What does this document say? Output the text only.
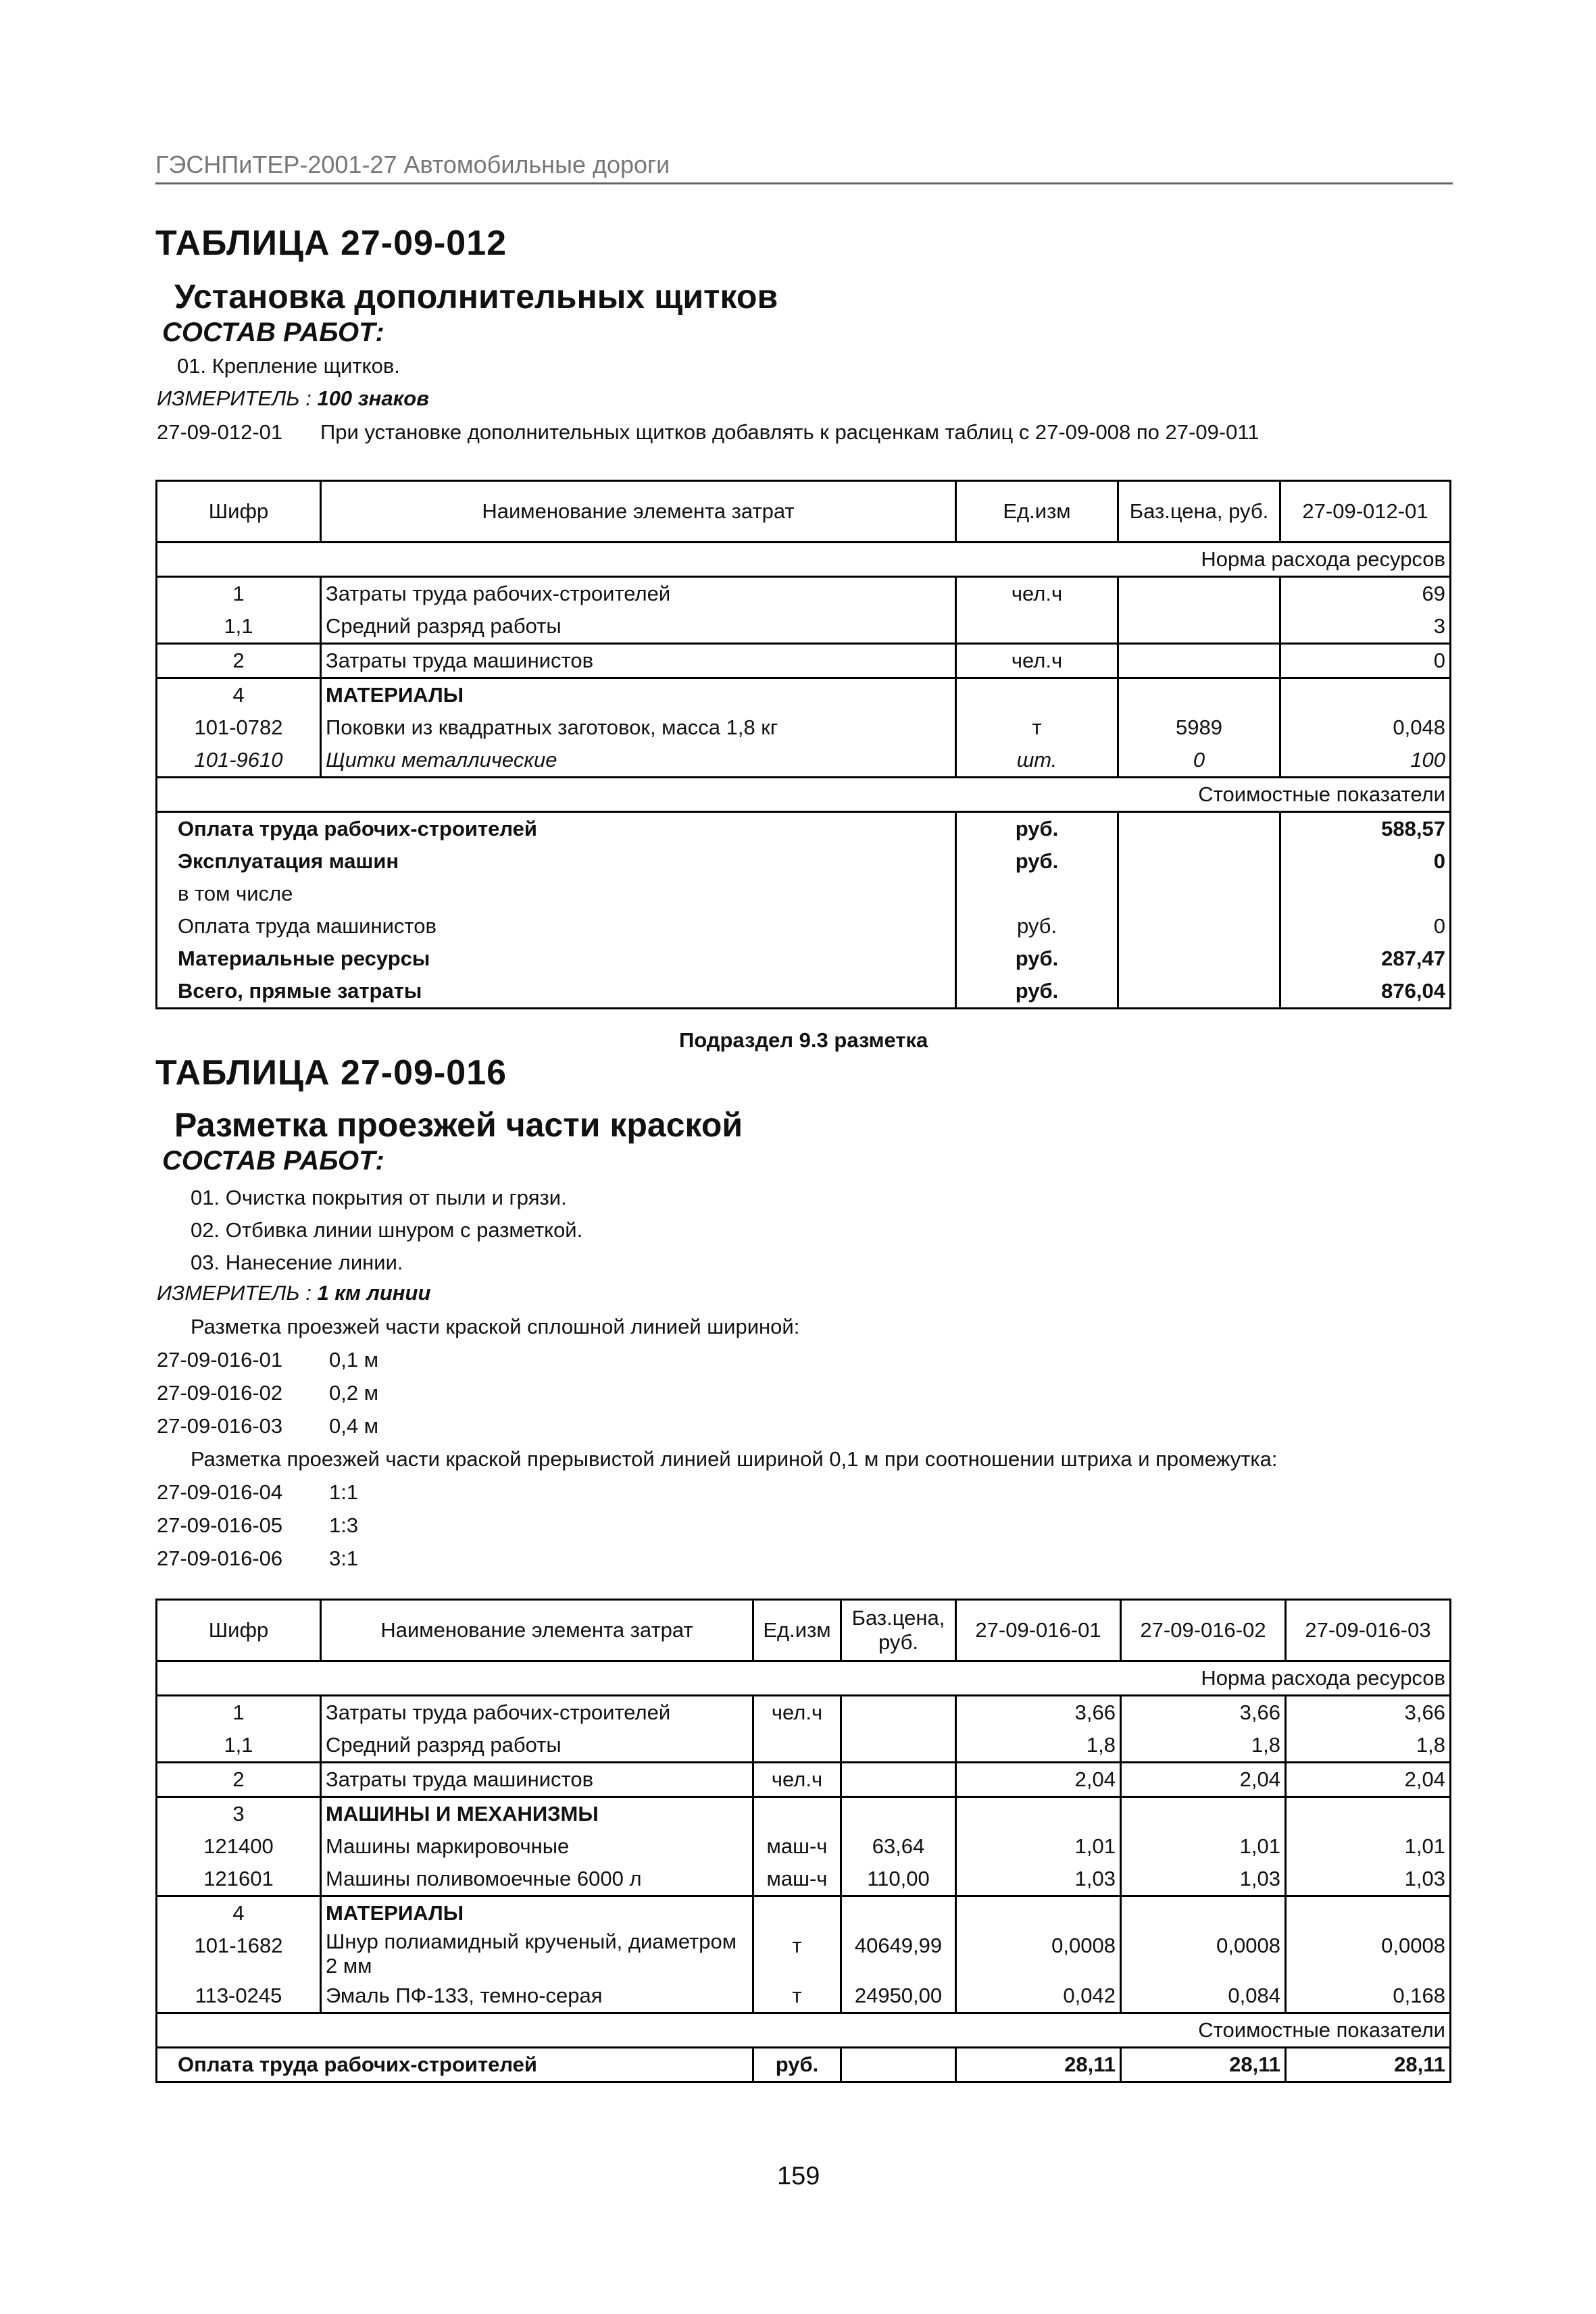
ГЭСНПиТЕР-2001-27 Автомобильные дороги
ТАБЛИЦА 27-09-012
Установка дополнительных щитков
СОСТАВ РАБОТ:
01. Крепление щитков.
ИЗМЕРИТЕЛЬ : 100 знаков
27-09-012-01 При установке дополнительных щитков добавлять к расценкам таблиц с 27-09-008 по 27-09-011
Шифр	Наименование элемента затрат	Ед.изм	Баз.цена, руб.	27-09-012-01
Норма расхода ресурсов				
1	Затраты труда рабочих-строителей	чел.ч		69
1,1	Средний разряд работы			3
2	Затраты труда машинистов	чел.ч		0
4	МАТЕРИАЛЫ			
101-0782	Поковки из квадратных заготовок, масса 1,8 кг	т	5989	0,048
101-9610	Щитки металлические	шт.	0	100
Стоимостные показатели				
Оплата труда рабочих-строителей		руб.		588,57
Эксплуатация машин		руб.		0
в том числе				
Оплата труда машинистов		руб.		0
Материальные ресурсы		руб.		287,47
Всего, прямые затраты		руб.		876,04
Подраздел 9.3 разметка
ТАБЛИЦА 27-09-016
Разметка проезжей части краской
СОСТАВ РАБОТ:
01. Очистка покрытия от пыли и грязи.
02. Отбивка линии шнуром с разметкой.
03. Нанесение линии.
ИЗМЕРИТЕЛЬ : 1 км линии
Разметка проезжей части краской сплошной линией шириной:
27-09-016-01 0,1 м
27-09-016-02 0,2 м
27-09-016-03 0,4 м
Разметка проезжей части краской прерывистой линией шириной 0,1 м при соотношении штриха и промежутка:
27-09-016-04 1:1
27-09-016-05 1:3
27-09-016-06 3:1
Шифр	Наименование элемента затрат	Ед.изм	Баз.цена, руб.	27-09-016-01	27-09-016-02	27-09-016-03
Норма расхода ресурсов						
1	Затраты труда рабочих-строителей	чел.ч		3,66	3,66	3,66
1,1	Средний разряд работы			1,8	1,8	1,8
2	Затраты труда машинистов	чел.ч		2,04	2,04	2,04
3	МАШИНЫ И МЕХАНИЗМЫ					
121400	Машины маркировочные	маш-ч	63,64	1,01	1,01	1,01
121601	Машины поливомоечные 6000 л	маш-ч	110,00	1,03	1,03	1,03
4	МАТЕРИАЛЫ					
101-1682	Шнур полиамидный крученый, диаметром 2 мм	т	40649,99	0,0008	0,0008	0,0008
113-0245	Эмаль ПФ-133, темно-серая	т	24950,00	0,042	0,084	0,168
Стоимостные показатели						
Оплата труда рабочих-строителей		руб.		28,11	28,11	28,11
159
